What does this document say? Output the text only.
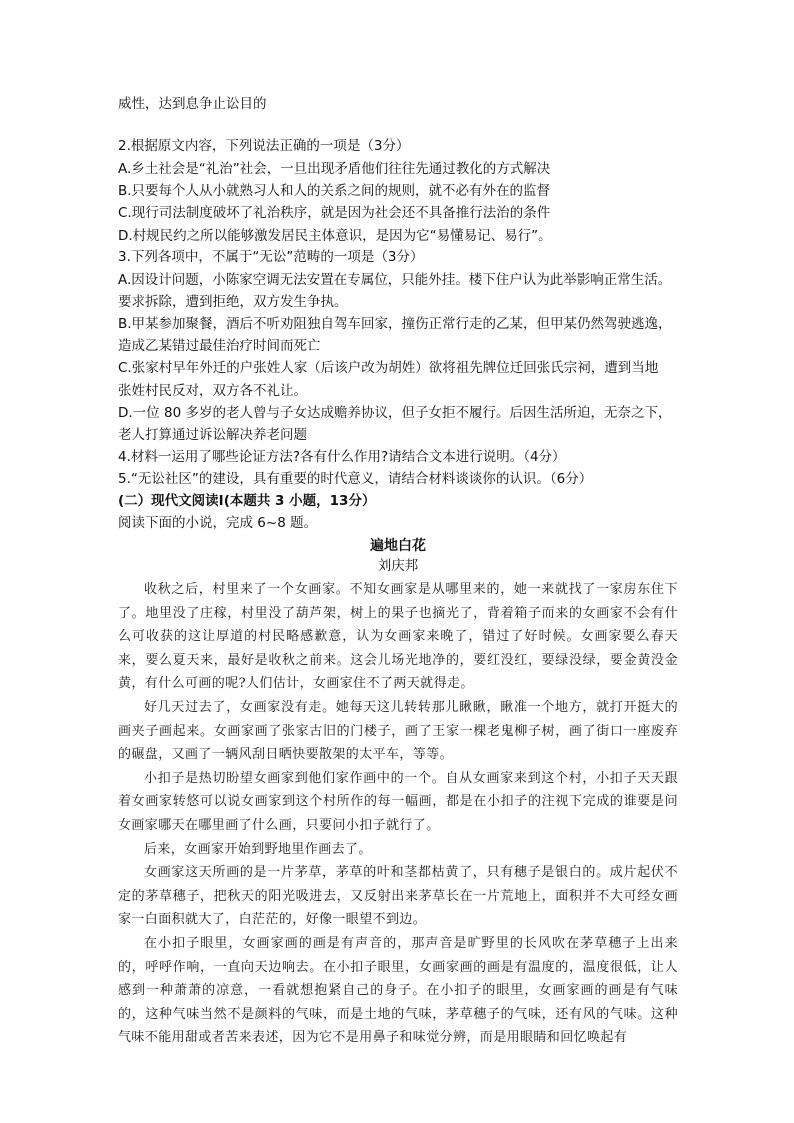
威性，达到息争止讼目的
2.根据原文内容，下列说法正确的一项是（3分）
A.乡土社会是“礼治”社会，一旦出现矛盾他们往往先通过教化的方式解决
B.只要每个人从小就熟习人和人的关系之间的规则，就不必有外在的监督
C.现行司法制度破坏了礼治秩序，就是因为社会还不具备推行法治的条件
D.村规民约之所以能够激发居民主体意识，是因为它“易懂易记、易行”。
3.下列各项中，不属于“无讼”范畴的一项是（3分）
A.因设计问题，小陈家空调无法安置在专属位，只能外挂。楼下住户认为此举影响正常生活。
要求拆除，遭到拒绝，双方发生争执。
B.甲某参加聚餐，酒后不听劝阻独自驾车回家，撞伤正常行走的乙某，但甲某仍然驾驶逃逸，
造成乙某错过最佳治疗时间而死亡
C.张家村早年外迁的户张姓人家（后该户改为胡姓）欲将祖先牌位迁回张氏宗祠，遭到当地
张姓村民反对，双方各不礼让。
D.一位 80 多岁的老人曾与子女达成赡养协议，但子女拒不履行。后因生活所迫，无奈之下，
老人打算通过诉讼解决养老问题
4.材料一运用了哪些论证方法?各有什么作用?请结合文本进行说明。（4分）
5.“无讼社区”的建设，具有重要的时代意义，请结合材料谈谈你的认识。（6分）
(二）现代文阅读I(本题共 3 小题，13分）
阅读下面的小说，完成 6~8 题。
遍地白花
刘庆邦

收秋之后，村里来了一个女画家。不知女画家是从哪里来的，她一来就找了一家房东住下了。地里没了庄稼，村里没了葫芦架，树上的果子也摘光了，背着箱子而来的女画家不会有什么可收获的这让厚道的村民略感歉意，认为女画家来晚了，错过了好时候。女画家要么春天来，要么夏天来，最好是收秋之前来。这会儿场光地净的，要红没红，要绿没绿，要金黄没金黄，有什么可画的呢?人们估计，女画家住不了两天就得走。

好几天过去了，女画家没有走。她每天这儿转转那儿瞅瞅，瞅准一个地方，就打开挺大的画夹子画起来。女画家画了张家古旧的门楼子，画了王家一棵老鬼柳子树，画了街口一座废弃的碾盘，又画了一辆风刮日晒快要散架的太平车，等等。

小扣子是热切盼望女画家到他们家作画中的一个。自从女画家来到这个村，小扣子天天跟着女画家转悠可以说女画家到这个村所作的每一幅画，都是在小扣子的注视下完成的谁要是问女画家哪天在哪里画了什么画，只要问小扣子就行了。

后来，女画家开始到野地里作画去了。

女画家这天所画的是一片茅草，茅草的叶和茎都枯黄了，只有穗子是银白的。成片起伏不定的茅草穗子，把秋天的阳光吸进去，又反射出来茅草长在一片荒地上，面积并不大可经女画家一白面积就大了，白茫茫的，好像一眼望不到边。

在小扣子眼里，女画家画的画是有声音的，那声音是旷野里的长风吹在茅草穗子上出来的，呼呼作响，一直向天边响去。在小扣子眼里，女画家画的画是有温度的，温度很低，让人感到一种萧萧的凉意，一看就想抱紧自己的身子。在小扣子的眼里，女画家画的画是有气味的，这种气味当然不是颜料的气味，而是土地的气味，茅草穗子的气味，还有风的气味。这种气味不能用甜或者苦来表述，因为它不是用鼻子和味觉分辨，而是用眼睛和回忆唤起有
